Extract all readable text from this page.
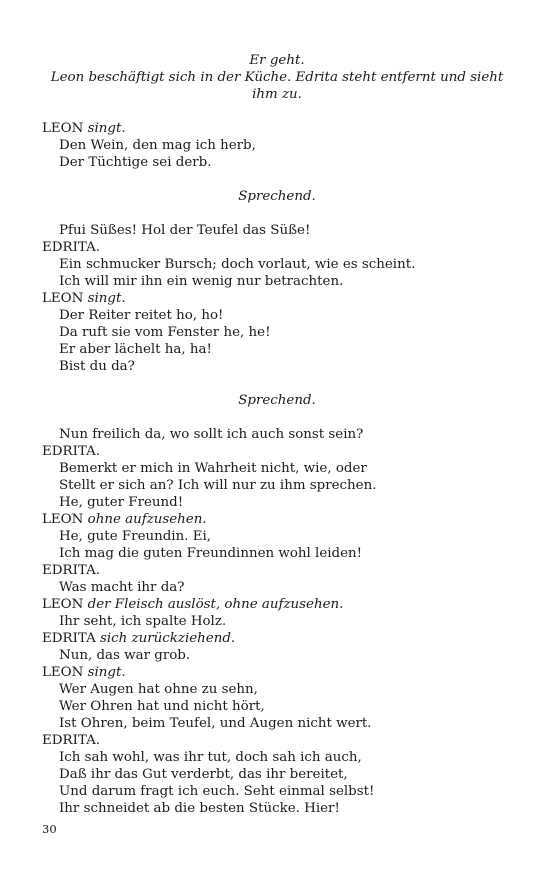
Er geht.

Leon beschäftigt sich in der Küche. Edrita steht entfernt und sieht ihm zu.

LEON singt.

Den Wein, den mag ich herb,

Der Tüchtige sei derb.

Sprechend.

Pfui Süßes! Hol der Teufel das Süße!

EDRITA.

Ein schmucker Bursch; doch vorlaut, wie es scheint.

Ich will mir ihn ein wenig nur betrachten.

LEON singt.

Der Reiter reitet ho, ho!

Da ruft sie vom Fenster he, he!

Er aber lächelt ha, ha!

Bist du da?

Sprechend.

Nun freilich da, wo sollt ich auch sonst sein?

EDRITA.

Bemerkt er mich in Wahrheit nicht, wie, oder

Stellt er sich an? Ich will nur zu ihm sprechen.

He, guter Freund!

LEON ohne aufzusehen.

He, gute Freundin. Ei,

Ich mag die guten Freundinnen wohl leiden!

EDRITA.

Was macht ihr da?

LEON der Fleisch auslöst, ohne aufzusehen.

Ihr seht, ich spalte Holz.

EDRITA sich zurückziehend.

Nun, das war grob.

LEON singt.

Wer Augen hat ohne zu sehn,

Wer Ohren hat und nicht hört,

Ist Ohren, beim Teufel, und Augen nicht wert.

EDRITA.

Ich sah wohl, was ihr tut, doch sah ich auch,

Daß ihr das Gut verderbt, das ihr bereitet,

Und darum fragt ich euch. Seht einmal selbst!

Ihr schneidet ab die besten Stücke. Hier!

30
